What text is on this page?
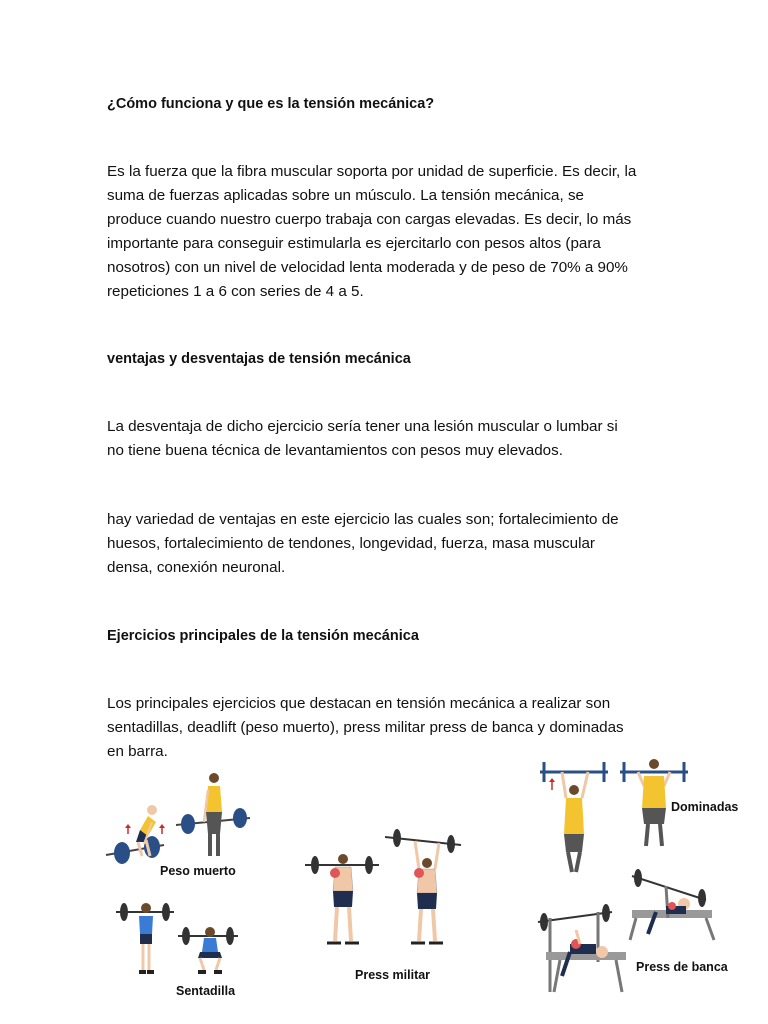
¿Cómo funciona y que es la tensión mecánica?
Es la fuerza que la fibra muscular soporta por unidad de superficie. Es decir, la
suma de fuerzas aplicadas sobre un músculo. La tensión mecánica, se
produce cuando nuestro cuerpo trabaja con cargas elevadas. Es decir, lo más
importante para conseguir estimularla es ejercitarlo con pesos altos (para
nosotros) con un nivel de velocidad lenta moderada y de peso de 70% a 90%
repeticiones 1 a 6 con series de 4 a 5.
ventajas y desventajas de tensión mecánica
La desventaja de dicho ejercicio sería tener una lesión muscular o lumbar si
no tiene buena técnica de levantamientos con pesos muy elevados.
hay variedad de ventajas en este ejercicio las cuales son; fortalecimiento de
huesos, fortalecimiento de tendones, longevidad, fuerza, masa muscular
densa, conexión neuronal.
Ejercicios principales de la tensión mecánica
Los principales ejercicios que destacan en tensión mecánica a realizar son
sentadillas, deadlift (peso muerto), press militar press de banca y dominadas
en barra.
Peso muerto
Sentadilla
Press militar
Dominadas
Press de banca
